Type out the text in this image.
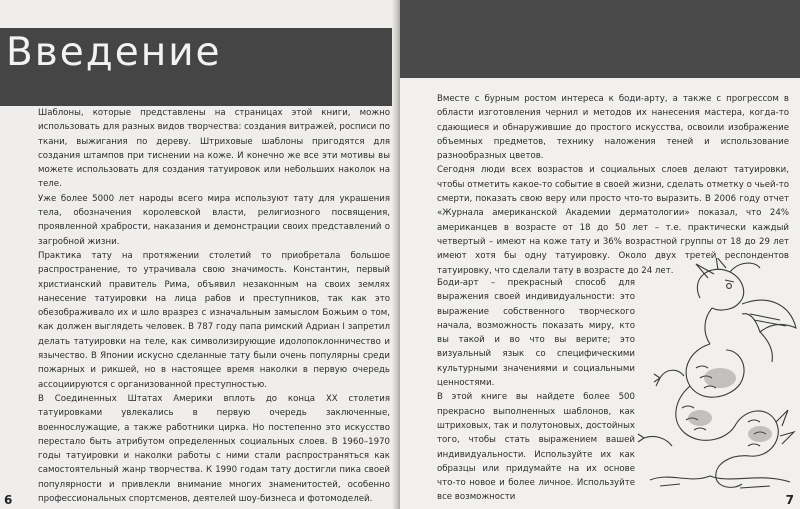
Введение

Шаблоны, которые представлены на страницах этой книги, можно использовать для разных видов творчества: создания витражей, росписи по ткани, выжигания по дереву. Штриховые шаблоны пригодятся для создания штампов при тиснении на коже. И конечно же все эти мотивы вы можете использовать для создания татуировок или небольших наколок на теле.

Уже более 5000 лет народы всего мира используют тату для украшения тела, обозначения королевской власти, религиозного посвящения, проявленной храбрости, наказания и демонстрации своих представлений о загробной жизни.

Практика тату на протяжении столетий то приобретала большое распространение, то утрачивала свою значимость. Константин, первый христианский правитель Рима, объявил незаконным на своих землях нанесение татуировки на лица рабов и преступников, так как это обезображивало их и шло вразрез с изначальным замыслом Божьим о том, как должен выглядеть человек. В 787 году папа римский Адриан I запретил делать татуировки на теле, как символизирующие идолопоклонничество и язычество. В Японии искусно сделанные тату были очень популярны среди пожарных и рикшей, но в настоящее время наколки в первую очередь ассоциируются с организованной преступностью.

В Соединенных Штатах Америки вплоть до конца XX столетия татуировками увлекались в первую очередь заключенные, военнослужащие, а также работники цирка. Но постепенно это искусство перестало быть атрибутом определенных социальных слоев. В 1960–1970 годы татуировки и наколки работы с ними стали распространяться как самостоятельный жанр творчества. К 1990 годам тату достигли пика своей популярности и привлекли внимание многих знаменитостей, особенно профессиональных спортсменов, деятелей шоу-бизнеса и фотомоделей.

6

Вместе с бурным ростом интереса к боди-арту, а также с прогрессом в области изготовления чернил и методов их нанесения мастера, когда-то сдающиеся и обнаружившие до простого искусства, освоили изображение объемных предметов, технику наложения теней и использование разнообразных цветов.

Сегодня люди всех возрастов и социальных слоев делают татуировки, чтобы отметить какое-то событие в своей жизни, сделать отметку о чьей-то смерти, показать свою веру или просто что-то выразить. В 2006 году отчет «Журнала американской Академии дерматологии» показал, что 24% американцев в возрасте от 18 до 50 лет – т.е. практически каждый четвертый – имеют на коже тату и 36% возрастной группы от 18 до 29 лет имеют хотя бы одну татуировку. Около двух третей респондентов татуировку, что сделали тату в возрасте до 24 лет.

Боди-арт – прекрасный способ для выражения своей индивидуальности: это выражение собственного творческого начала, возможность показать миру, кто вы такой и во что вы верите; это визуальный язык со специфическими культурными значениями и социальными ценностями.

В этой книге вы найдете более 500 прекрасно выполненных шаблонов, как штриховых, так и полутоновых, достойных того, чтобы стать выражением вашей индивидуальности. Используйте их как образцы или придумайте на их основе что-то новое и более личное. Используйте все возможности	7
